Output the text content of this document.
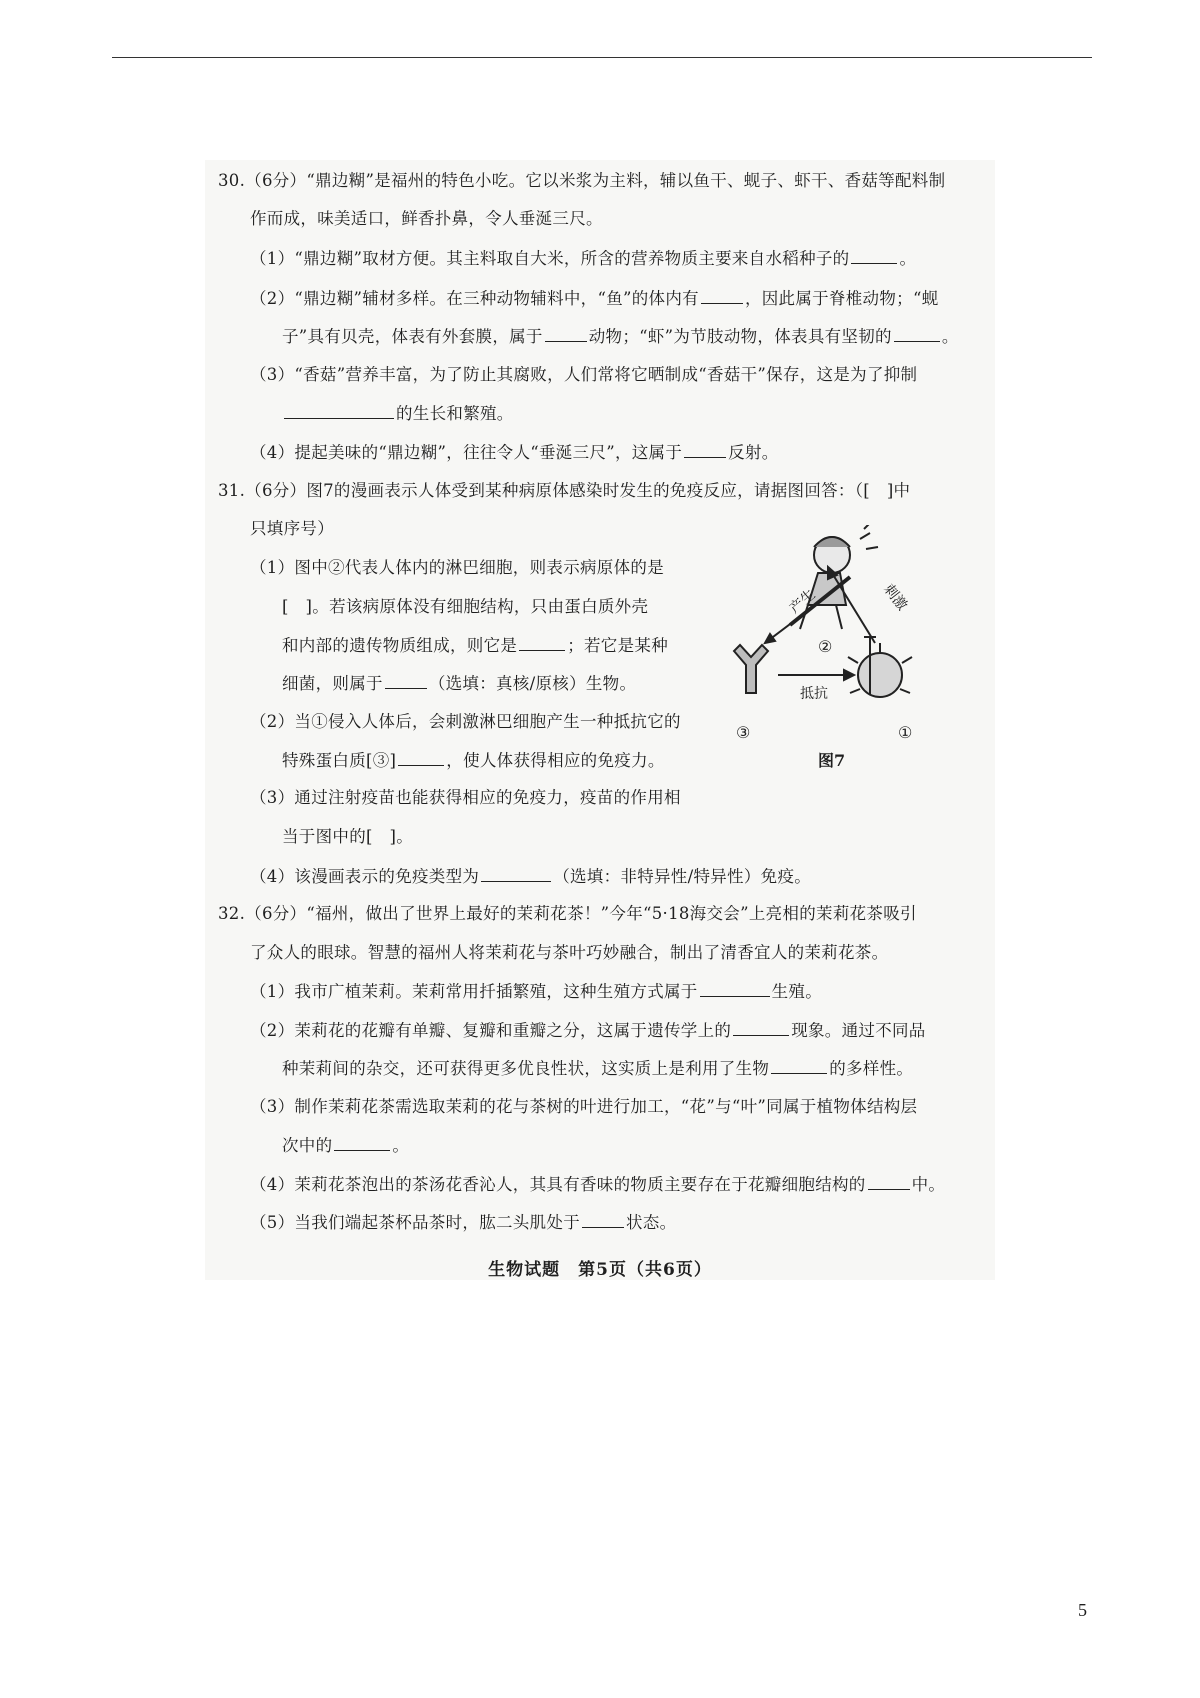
30.（6分）“鼎边糊”是福州的特色小吃。它以米浆为主料，辅以鱼干、蚬子、虾干、香菇等配料制
作而成，味美适口，鲜香扑鼻，令人垂涎三尺。
（1）“鼎边糊”取材方便。其主料取自大米，所含的营养物质主要来自水稻种子的	。
（2）“鼎边糊”辅材多样。在三种动物辅料中，“鱼”的体内有	，因此属于脊椎动物；“蚬
子”具有贝壳，体表有外套膜，属于	动物；“虾”为节肢动物，体表具有坚韧的	。
（3）“香菇”营养丰富，为了防止其腐败，人们常将它晒制成“香菇干”保存，这是为了抑制
的生长和繁殖。
（4）提起美味的“鼎边糊”，往往令人“垂涎三尺”，这属于	反射。
31.（6分）图7的漫画表示人体受到某种病原体感染时发生的免疫反应，请据图回答：（[　]中
只填序号）
（1）图中②代表人体内的淋巴细胞，则表示病原体的是
[　]。若该病原体没有细胞结构，只由蛋白质外壳
和内部的遗传物质组成，则它是	；若它是某种
细菌，则属于	（选填：真核/原核）生物。
（2）当①侵入人体后，会刺激淋巴细胞产生一种抵抗它的
特殊蛋白质[③]	，使人体获得相应的免疫力。
（3）通过注射疫苗也能获得相应的免疫力，疫苗的作用相
当于图中的[　]。
（4）该漫画表示的免疫类型为	（选填：非特异性/特异性）免疫。
产生	刺激
抵抗
②
③	①
图7
32.（6分）“福州，做出了世界上最好的茉莉花茶！”今年“5·18海交会”上亮相的茉莉花茶吸引
了众人的眼球。智慧的福州人将茉莉花与茶叶巧妙融合，制出了清香宜人的茉莉花茶。
（1）我市广植茉莉。茉莉常用扦插繁殖，这种生殖方式属于	生殖。
（2）茉莉花的花瓣有单瓣、复瓣和重瓣之分，这属于遗传学上的	现象。通过不同品
种茉莉间的杂交，还可获得更多优良性状，这实质上是利用了生物	的多样性。
（3）制作茉莉花茶需选取茉莉的花与茶树的叶进行加工，“花”与“叶”同属于植物体结构层
次中的	。
（4）茉莉花茶泡出的茶汤花香沁人，其具有香味的物质主要存在于花瓣细胞结构的	中。
（5）当我们端起茶杯品茶时，肱二头肌处于	状态。
生物试题　第5页（共6页）
5
